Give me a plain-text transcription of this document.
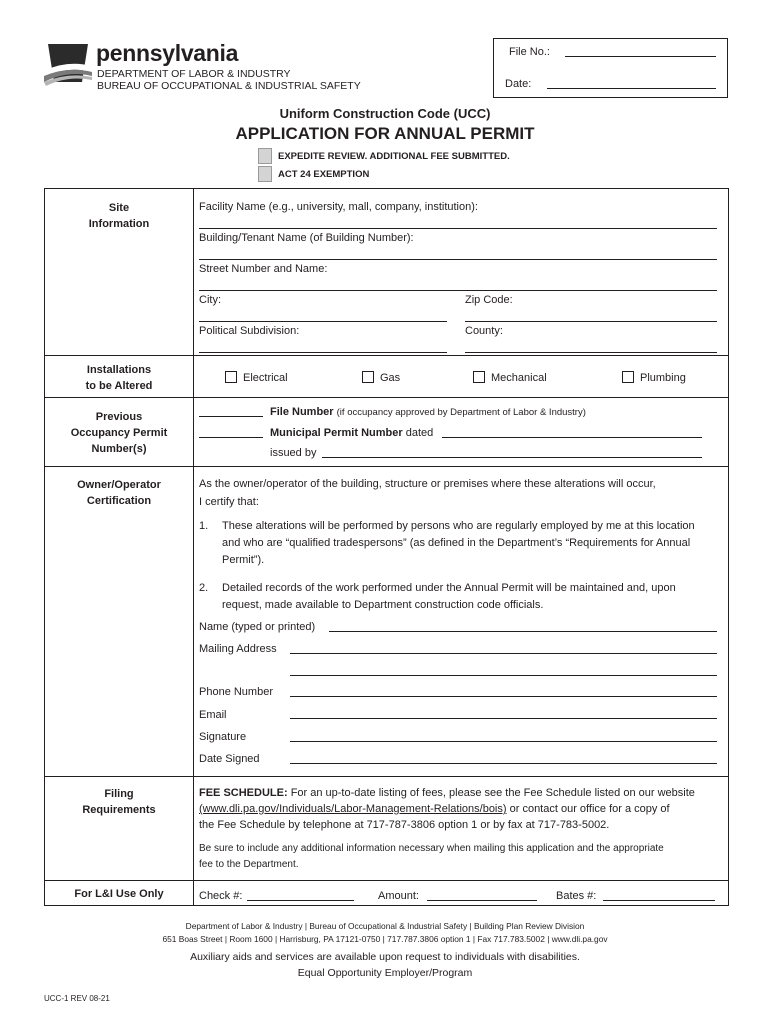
pennsylvania
DEPARTMENT OF LABOR & INDUSTRY
BUREAU OF OCCUPATIONAL & INDUSTRIAL SAFETY
File No.:
Date:
Uniform Construction Code (UCC)
APPLICATION FOR ANNUAL PERMIT
EXPEDITE REVIEW. ADDITIONAL FEE SUBMITTED.
ACT 24 EXEMPTION
Site
Information
Facility Name (e.g., university, mall, company, institution):
Building/Tenant Name (of Building Number):
Street Number and Name:
City:	Zip Code:
Political Subdivision:	County:
Installations
to be Altered
Electrical	Gas	Mechanical	Plumbing
Previous
Occupancy Permit
Number(s)
File Number (if occupancy approved by Department of Labor & Industry)
Municipal Permit Number dated
issued by
Owner/Operator
Certification
As the owner/operator of the building, structure or premises where these alterations will occur,
I certify that:
1. These alterations will be performed by persons who are regularly employed by me at this location
and who are “qualified tradespersons” (as defined in the Department’s “Requirements for Annual
Permit”).
2. Detailed records of the work performed under the Annual Permit will be maintained and, upon
request, made available to Department construction code officials.
Name (typed or printed)
Mailing Address
Phone Number
Email
Signature
Date Signed
Filing
Requirements
FEE SCHEDULE: For an up-to-date listing of fees, please see the Fee Schedule listed on our website
(www.dli.pa.gov/Individuals/Labor-Management-Relations/bois) or contact our office for a copy of
the Fee Schedule by telephone at 717-787-3806 option 1 or by fax at 717-783-5002.
Be sure to include any additional information necessary when mailing this application and the appropriate
fee to the Department.
For L&I Use Only	Check #:	Amount:	Bates #:
Department of Labor & Industry | Bureau of Occupational & Industrial Safety | Building Plan Review Division
651 Boas Street | Room 1600 | Harrisburg, PA 17121-0750 | 717.787.3806 option 1 | Fax 717.783.5002 | www.dli.pa.gov
Auxiliary aids and services are available upon request to individuals with disabilities.
Equal Opportunity Employer/Program
UCC-1 REV 08-21
